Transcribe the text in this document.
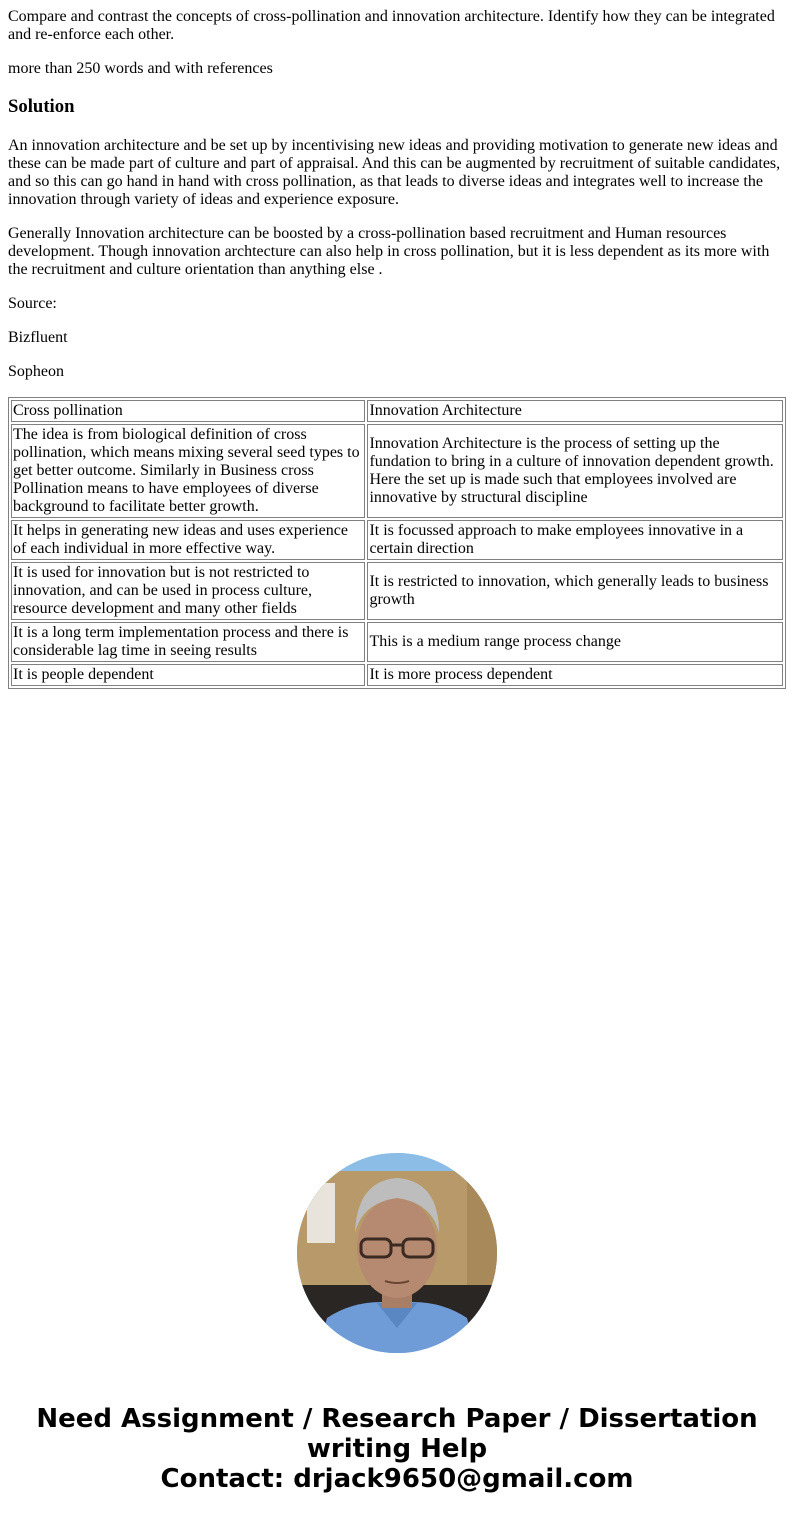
Compare and contrast the concepts of cross-pollination and innovation architecture. Identify how they can be integrated and re-enforce each other.

more than 250 words and with references

Solution

An innovation architecture and be set up by incentivising new ideas and providing motivation to generate new ideas and these can be made part of culture and part of appraisal. And this can be augmented by recruitment of suitable candidates, and so this can go hand in hand with cross pollination, as that leads to diverse ideas and integrates well to increase the innovation through variety of ideas and experience exposure.

Generally Innovation architecture can be boosted by a cross-pollination based recruitment and Human resources development. Though innovation archtecture can also help in cross pollination, but it is less dependent as its more with the recruitment and culture orientation than anything else .

Source:

Bizfluent

Sopheon

Cross pollination	Innovation Architecture
The idea is from biological definition of cross pollination, which means mixing several seed types to get better outcome. Similarly in Business cross Pollination means to have employees of diverse background to facilitate better growth.	Innovation Architecture is the process of setting up the fundation to bring in a culture of innovation dependent growth. Here the set up is made such that employees involved are innovative by structural discipline
It helps in generating new ideas and uses experience of each individual in more effective way.	It is focussed approach to make employees innovative in a certain direction
It is used for innovation but is not restricted to innovation, and can be used in process culture, resource development and many other fields	It is restricted to innovation, which generally leads to business growth
It is a long term implementation process and there is considerable lag time in seeing results	This is a medium range process change
It is people dependent	It is more process dependent
Need Assignment / Research Paper / Dissertation
writing Help
Contact: drjack9650@gmail.com
